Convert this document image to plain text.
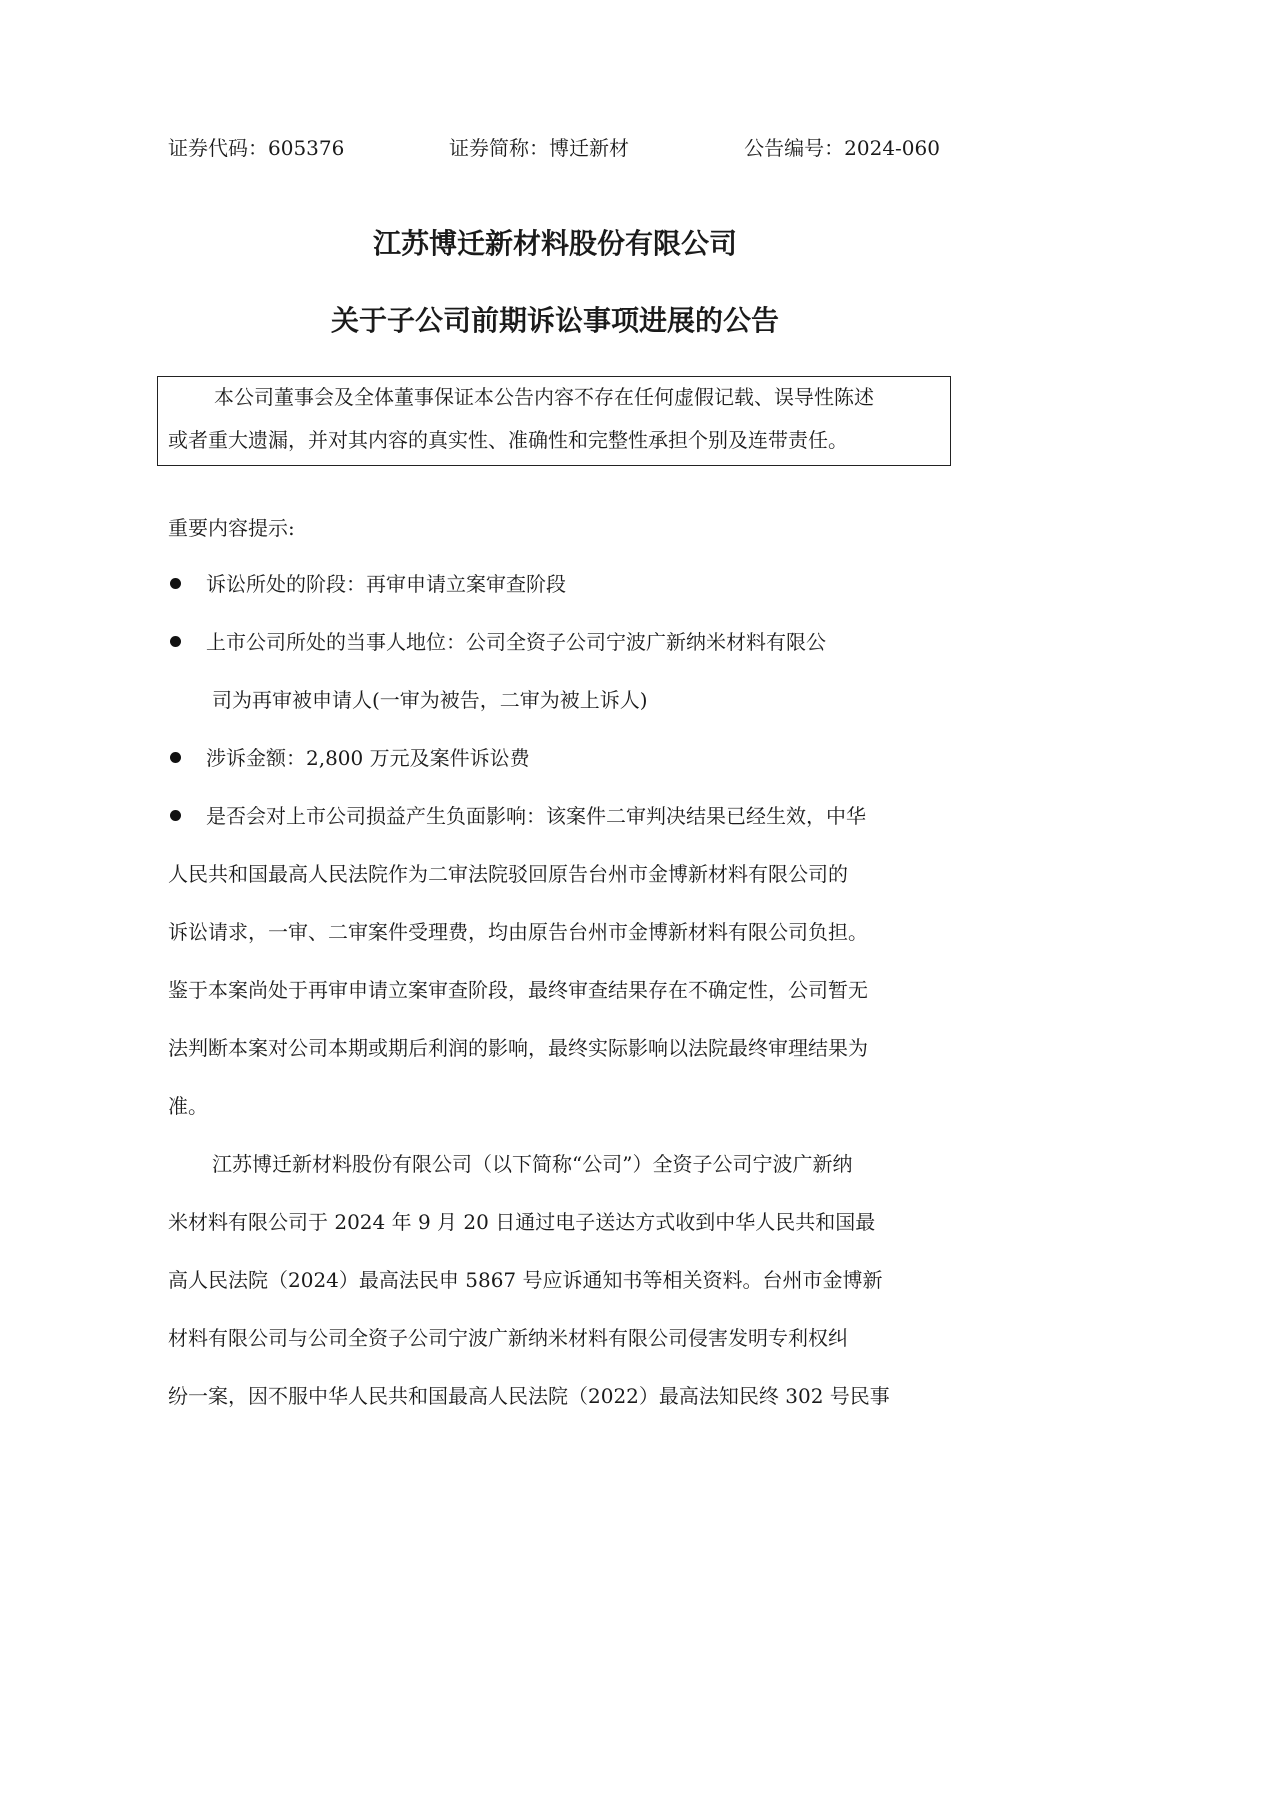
证券代码：605376	证券简称：博迁新材	公告编号：2024-060
江苏博迁新材料股份有限公司
关于子公司前期诉讼事项进展的公告
本公司董事会及全体董事保证本公告内容不存在任何虚假记载、误导性陈述
或者重大遗漏，并对其内容的真实性、准确性和完整性承担个别及连带责任。
重要内容提示:
诉讼所处的阶段：再审申请立案审查阶段
上市公司所处的当事人地位：公司全资子公司宁波广新纳米材料有限公
司为再审被申请人(一审为被告，二审为被上诉人)
涉诉金额：2,800 万元及案件诉讼费
是否会对上市公司损益产生负面影响：该案件二审判决结果已经生效，中华
人民共和国最高人民法院作为二审法院驳回原告台州市金博新材料有限公司的
诉讼请求，一审、二审案件受理费，均由原告台州市金博新材料有限公司负担。
鉴于本案尚处于再审申请立案审查阶段，最终审查结果存在不确定性，公司暂无
法判断本案对公司本期或期后利润的影响，最终实际影响以法院最终审理结果为
准。
江苏博迁新材料股份有限公司（以下简称“公司”）全资子公司宁波广新纳
米材料有限公司于 2024 年 9 月 20 日通过电子送达方式收到中华人民共和国最
高人民法院（2024）最高法民申 5867 号应诉通知书等相关资料。台州市金博新
材料有限公司与公司全资子公司宁波广新纳米材料有限公司侵害发明专利权纠
纷一案，因不服中华人民共和国最高人民法院（2022）最高法知民终 302 号民事
